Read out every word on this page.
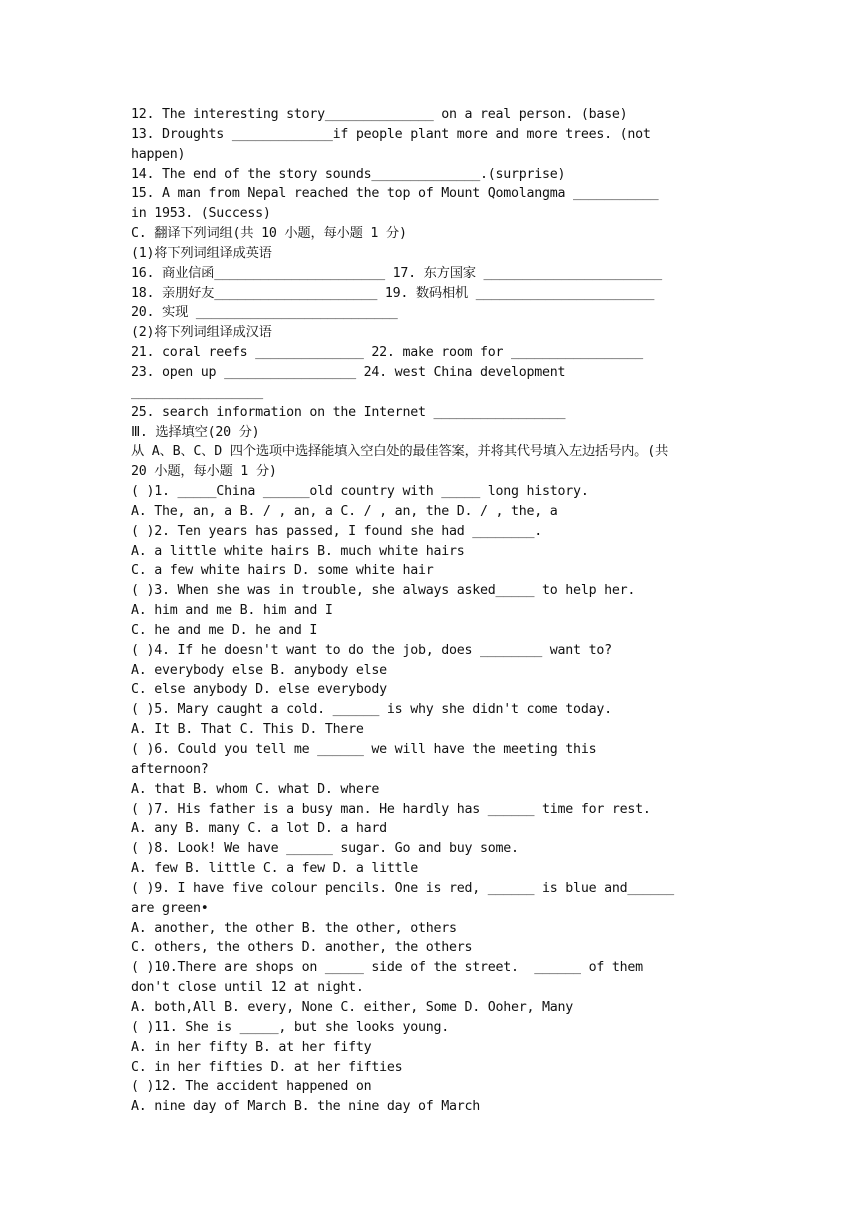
12. The interesting story______________ on a real person. (base)
13. Droughts _____________if people plant more and more trees. (not
happen)
14. The end of the story sounds______________.(surprise)
15. A man from Nepal reached the top of Mount Qomolangma ___________
in 1953. (Success)
C. 翻译下列词组(共 10 小题，每小题 1 分)
(1)将下列词组译成英语
16. 商业信函______________________ 17. 东方国家 _______________________
18. 亲朋好友_____________________ 19. 数码相机 _______________________
20. 实现 __________________________
(2)将下列词组译成汉语
21. coral reefs ______________ 22. make room for _________________
23. open up _________________ 24. west China development
_________________
25. search information on the Internet _________________
Ⅲ. 选择填空(20 分)
从 A、B、C、D 四个选项中选择能填入空白处的最佳答案，并将其代号填入左边括号内。(共
20 小题，每小题 1 分)
( )1. _____China ______old country with _____ long history.
A. The, an, a B. / , an, a C. / , an, the D. / , the, a
( )2. Ten years has passed, I found she had ________.
A. a little white hairs B. much white hairs
C. a few white hairs D. some white hair
( )3. When she was in trouble, she always asked_____ to help her.
A. him and me B. him and I
C. he and me D. he and I
( )4. If he doesn't want to do the job, does ________ want to?
A. everybody else B. anybody else
C. else anybody D. else everybody
( )5. Mary caught a cold. ______ is why she didn't come today.
A. It B. That C. This D. There
( )6. Could you tell me ______ we will have the meeting this
afternoon?
A. that B. whom C. what D. where
( )7. His father is a busy man. He hardly has ______ time for rest.
A. any B. many C. a lot D. a hard
( )8. Look! We have ______ sugar. Go and buy some.
A. few B. little C. a few D. a little
( )9. I have five colour pencils. One is red, ______ is blue and______
are green•
A. another, the other B. the other, others
C. others, the others D. another, the others
( )10.There are shops on _____ side of the street.  ______ of them
don't close until 12 at night.
A. both,All B. every, None C. either, Some D. Ooher, Many
( )11. She is _____, but she looks young.
A. in her fifty B. at her fifty
C. in her fifties D. at her fifties
( )12. The accident happened on
A. nine day of March B. the nine day of March
